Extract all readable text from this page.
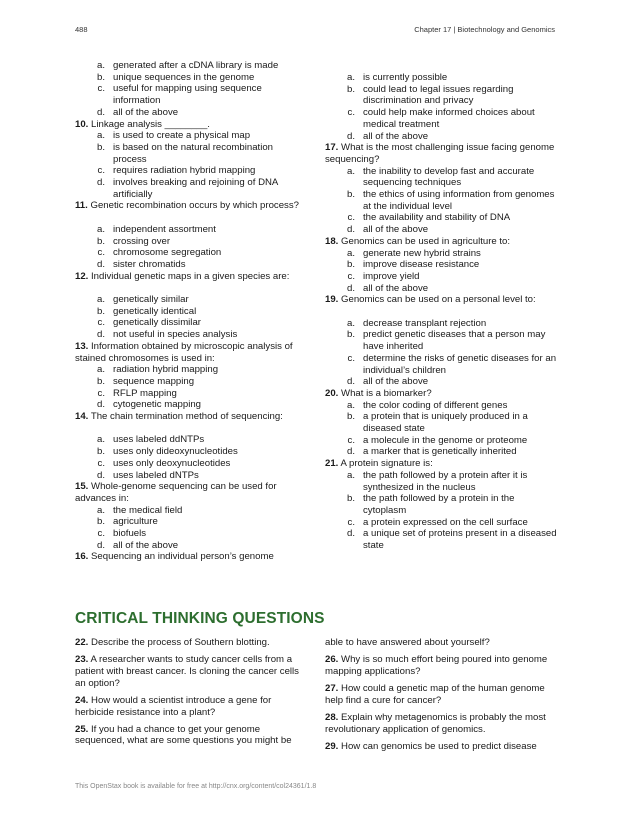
488	Chapter 17 | Biotechnology and Genomics
a. generated after a cDNA library is made
b. unique sequences in the genome
c. useful for mapping using sequence information
d. all of the above

10. Linkage analysis ________.

a. is used to create a physical map
b. is based on the natural recombination process
c. requires radiation hybrid mapping
d. involves breaking and rejoining of DNA artificially

11. Genetic recombination occurs by which process?

a. independent assortment
b. crossing over
c. chromosome segregation
d. sister chromatids

12. Individual genetic maps in a given species are:

a. genetically similar
b. genetically identical
c. genetically dissimilar
d. not useful in species analysis

13. Information obtained by microscopic analysis of stained chromosomes is used in:

a. radiation hybrid mapping
b. sequence mapping
c. RFLP mapping
d. cytogenetic mapping

14. The chain termination method of sequencing:

a. uses labeled ddNTPs
b. uses only dideoxynucleotides
c. uses only deoxynucleotides
d. uses labeled dNTPs

15. Whole-genome sequencing can be used for advances in:

a. the medical field
b. agriculture
c. biofuels
d. all of the above

16. Sequencing an individual person’s genome

a. is currently possible
b. could lead to legal issues regarding discrimination and privacy
c. could help make informed choices about medical treatment
d. all of the above

17. What is the most challenging issue facing genome sequencing?

a. the inability to develop fast and accurate sequencing techniques
b. the ethics of using information from genomes at the individual level
c. the availability and stability of DNA
d. all of the above

18. Genomics can be used in agriculture to:

a. generate new hybrid strains
b. improve disease resistance
c. improve yield
d. all of the above

19. Genomics can be used on a personal level to:

a. decrease transplant rejection
b. predict genetic diseases that a person may have inherited
c. determine the risks of genetic diseases for an individual’s children
d. all of the above

20. What is a biomarker?

a. the color coding of different genes
b. a protein that is uniquely produced in a diseased state
c. a molecule in the genome or proteome
d. a marker that is genetically inherited

21. A protein signature is:

a. the path followed by a protein after it is synthesized in the nucleus
b. the path followed by a protein in the cytoplasm
c. a protein expressed on the cell surface
d. a unique set of proteins present in a diseased state
CRITICAL THINKING QUESTIONS

22. Describe the process of Southern blotting.

23. A researcher wants to study cancer cells from a patient with breast cancer. Is cloning the cancer cells an option?

24. How would a scientist introduce a gene for herbicide resistance into a plant?

25. If you had a chance to get your genome sequenced, what are some questions you might be

able to have answered about yourself?

26. Why is so much effort being poured into genome mapping applications?

27. How could a genetic map of the human genome help find a cure for cancer?

28. Explain why metagenomics is probably the most revolutionary application of genomics.

29. How can genomics be used to predict disease

This OpenStax book is available for free at http://cnx.org/content/col24361/1.8
